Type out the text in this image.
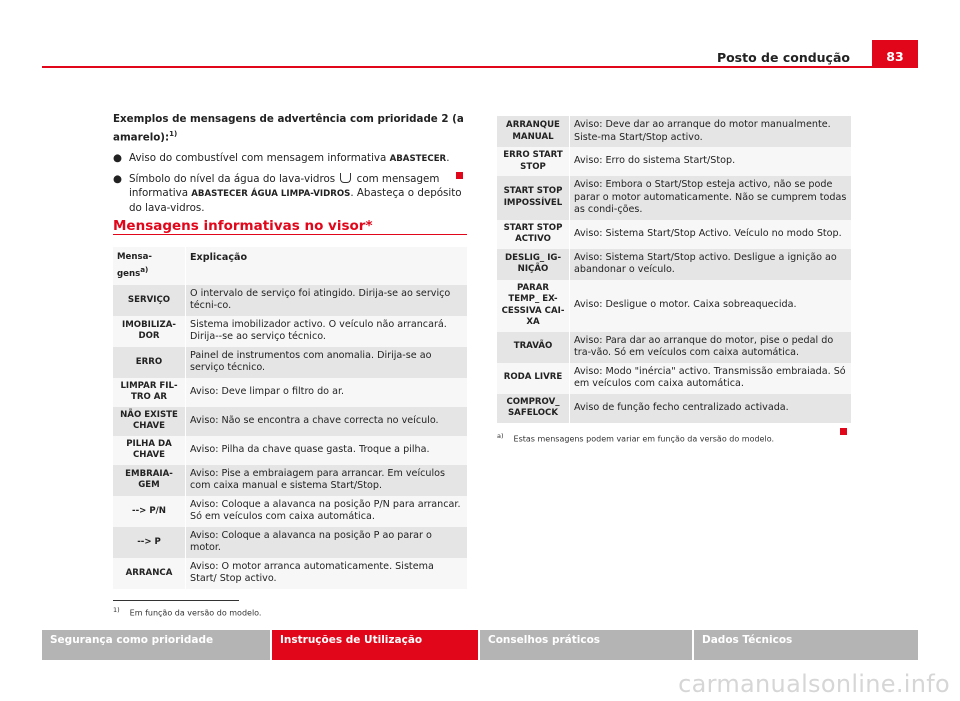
Posto de condução	83

Exemplos de mensagens de advertência com prioridade 2 (a amarelo):$^{1)}$

● Aviso do combustível com mensagem informativa ABASTECER.
● Símbolo do nível da água do lava-vidros  com mensagem informativa ABASTECER ÁGUA LIMPA-VIDROS. Abasteça o depósito do lava-vidros.
Mensagens informativas no visor*
Mensa-gens$^{a)}$	Explicação
SERVIÇO	O intervalo de serviço foi atingido. Dirija-se ao serviço técni-co.
IMOBILIZA-DOR	Sistema imobilizador activo. O veículo não arrancará. Dirija--se ao serviço técnico.
ERRO	Painel de instrumentos com anomalia. Dirija-se ao serviço técnico.
LIMPAR FIL-TRO AR	Aviso: Deve limpar o filtro do ar.
NÃO EXISTE CHAVE	Aviso: Não se encontra a chave correcta no veículo.
PILHA DA CHAVE	Aviso: Pilha da chave quase gasta. Troque a pilha.
EMBRAIA-GEM	Aviso: Pise a embraiagem para arrancar. Em veículos com caixa manual e sistema Start/Stop.
--> P/N	Aviso: Coloque a alavanca na posição P/N para arrancar. Só em veículos com caixa automática.
--> P	Aviso: Coloque a alavanca na posição P ao parar o motor.
ARRANCA	Aviso: O motor arranca automaticamente. Sistema Start/ Stop activo.
ARRANQUE MANUAL	Aviso: Deve dar ao arranque do motor manualmente. Siste-ma Start/Stop activo.
ERRO START STOP	Aviso: Erro do sistema Start/Stop.
START STOP IMPOSSÍVEL	Aviso: Embora o Start/Stop esteja activo, não se pode parar o motor automaticamente. Não se cumprem todas as condi-ções.
START STOP ACTIVO	Aviso: Sistema Start/Stop Activo. Veículo no modo Stop.
DESLIG_ IG-NIÇÃO	Aviso: Sistema Start/Stop activo. Desligue a ignição ao abandonar o veículo.
PARAR TEMP_ EX-CESSIVA CAI-XA	Aviso: Desligue o motor. Caixa sobreaquecida.
TRAVÃO	Aviso: Para dar ao arranque do motor, pise o pedal do tra-vão. Só em veículos com caixa automática.
RODA LIVRE	Aviso: Modo "inércia" activo. Transmissão embraiada. Só em veículos com caixa automática.
COMPROV_ SAFELOCK	Aviso de função fecho centralizado activada.
$^{a)}$ Estas mensagens podem variar em função da versão do modelo.
$^{1)}$ Em função da versão do modelo.
Segurança como prioridade	Instruções de Utilização	Conselhos práticos	Dados Técnicos
carmanualsonline.info
